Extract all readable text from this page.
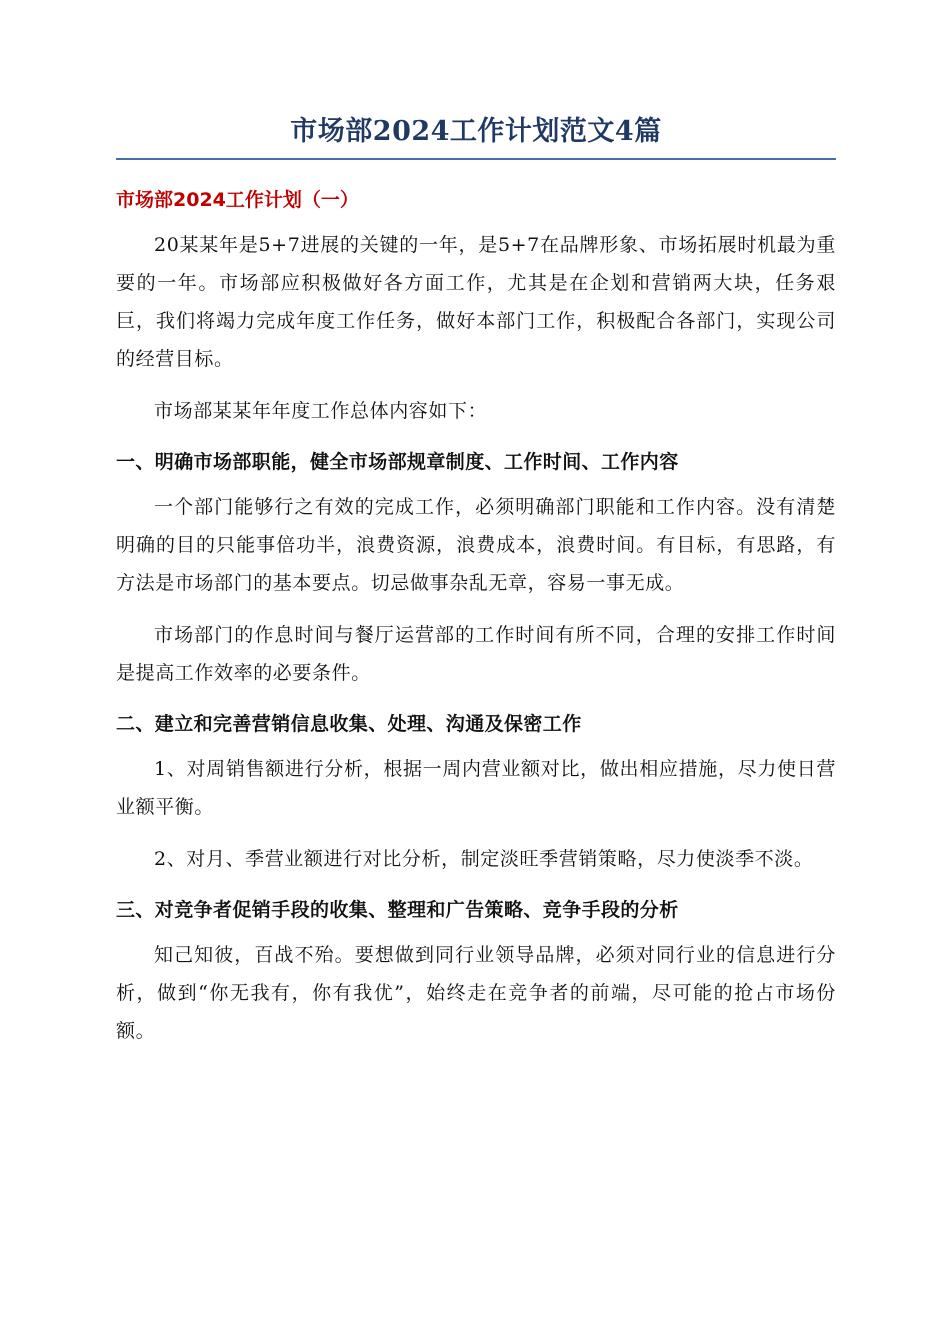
市场部2024工作计划范文4篇
市场部2024工作计划（一）

20某某年是5+7进展的关键的一年，是5+7在品牌形象、市场拓展时机最为重要的一年。市场部应积极做好各方面工作，尤其是在企划和营销两大块，任务艰巨，我们将竭力完成年度工作任务，做好本部门工作，积极配合各部门，实现公司的经营目标。

市场部某某年年度工作总体内容如下：

一、明确市场部职能，健全市场部规章制度、工作时间、工作内容

一个部门能够行之有效的完成工作，必须明确部门职能和工作内容。没有清楚明确的目的只能事倍功半，浪费资源，浪费成本，浪费时间。有目标，有思路，有方法是市场部门的基本要点。切忌做事杂乱无章，容易一事无成。

市场部门的作息时间与餐厅运营部的工作时间有所不同，合理的安排工作时间是提高工作效率的必要条件。

二、建立和完善营销信息收集、处理、沟通及保密工作

1、对周销售额进行分析，根据一周内营业额对比，做出相应措施，尽力使日营业额平衡。

2、对月、季营业额进行对比分析，制定淡旺季营销策略，尽力使淡季不淡。

三、对竞争者促销手段的收集、整理和广告策略、竞争手段的分析

知己知彼，百战不殆。要想做到同行业领导品牌，必须对同行业的信息进行分析，做到“你无我有，你有我优”，始终走在竞争者的前端，尽可能的抢占市场份额。
